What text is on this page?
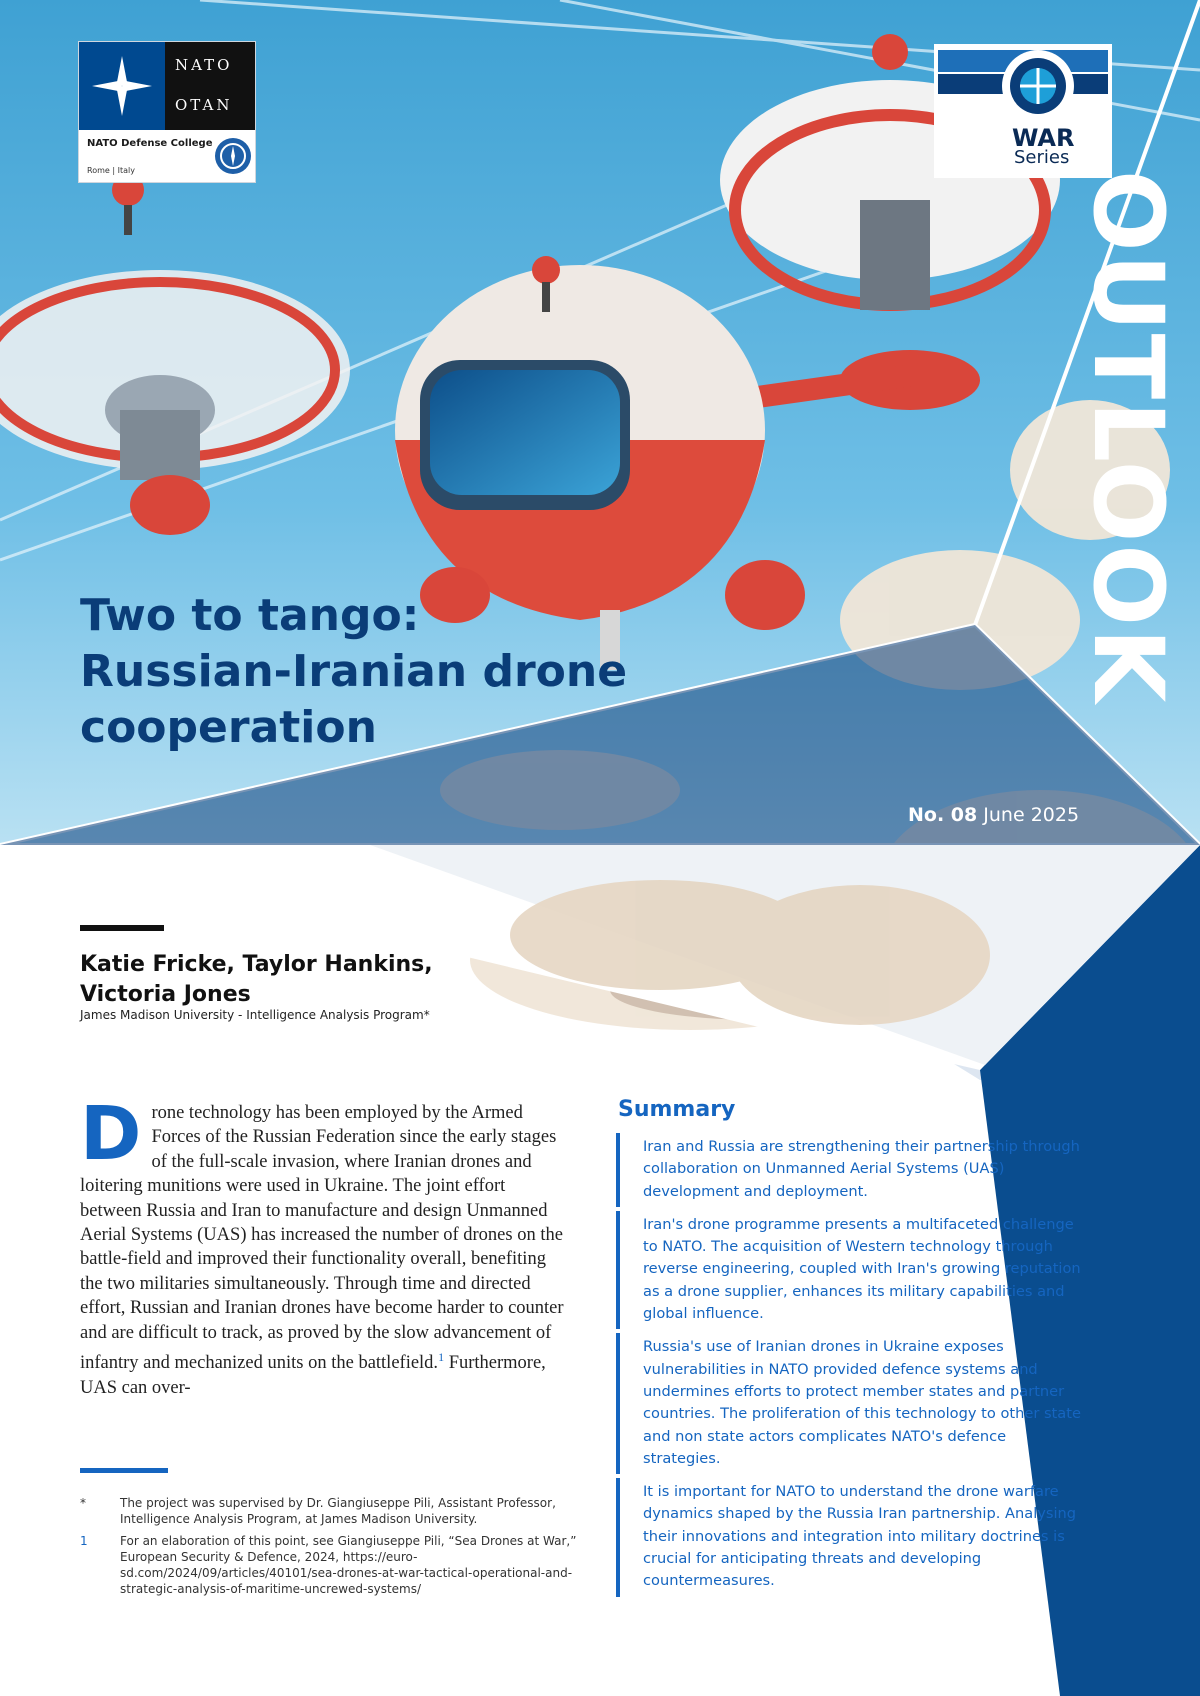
NATO
OTAN
NATO Defense College
Rome | Italy
WAR
Series
OUTLOOK
Two to tango:
Russian-Iranian drone
cooperation
No. 08 June 2025
Katie Fricke, Taylor Hankins,
Victoria Jones
James Madison University - Intelligence Analysis Program*
Drone technology has been employed by the Armed Forces of the Russian Federation since the early stages of the full-scale invasion, where Iranian drones and loitering munitions were used in Ukraine. The joint effort between Russia and Iran to manufacture and design Unmanned Aerial Systems (UAS) has increased the number of drones on the battle-field and improved their functionality overall, benefiting the two militaries simultaneously. Through time and directed effort, Russian and Iranian drones have become harder to counter and are difficult to track, as proved by the slow advancement of infantry and mechanized units on the battlefield.$^1$ Furthermore, UAS can over-
*	The project was supervised by Dr. Giangiuseppe Pili, Assistant Professor, Intelligence Analysis Program, at James Madison University.
1	For an elaboration of this point, see Giangiuseppe Pili, “Sea Drones at War,” European Security & Defence, 2024, https://euro-sd.com/2024/09/articles/40101/sea-drones-at-war-tactical-operational-and-strategic-analysis-of-maritime-uncrewed-systems/
Summary
Iran and Russia are strengthening their partnership through collaboration on Unmanned Aerial Systems (UAS) development and deployment.
Iran's drone programme presents a multifaceted challenge to NATO. The acquisition of Western technology through reverse engineering, coupled with Iran's growing reputation as a drone supplier, enhances its military capabilities and global influence.
Russia's use of Iranian drones in Ukraine exposes vulnerabilities in NATO provided defence systems and undermines efforts to protect member states and partner countries. The proliferation of this technology to other state and non state actors complicates NATO's defence strategies.
It is important for NATO to understand the drone warfare dynamics shaped by the Russia Iran partnership. Analysing their innovations and integration into military doctrines is crucial for anticipating threats and developing countermeasures.
